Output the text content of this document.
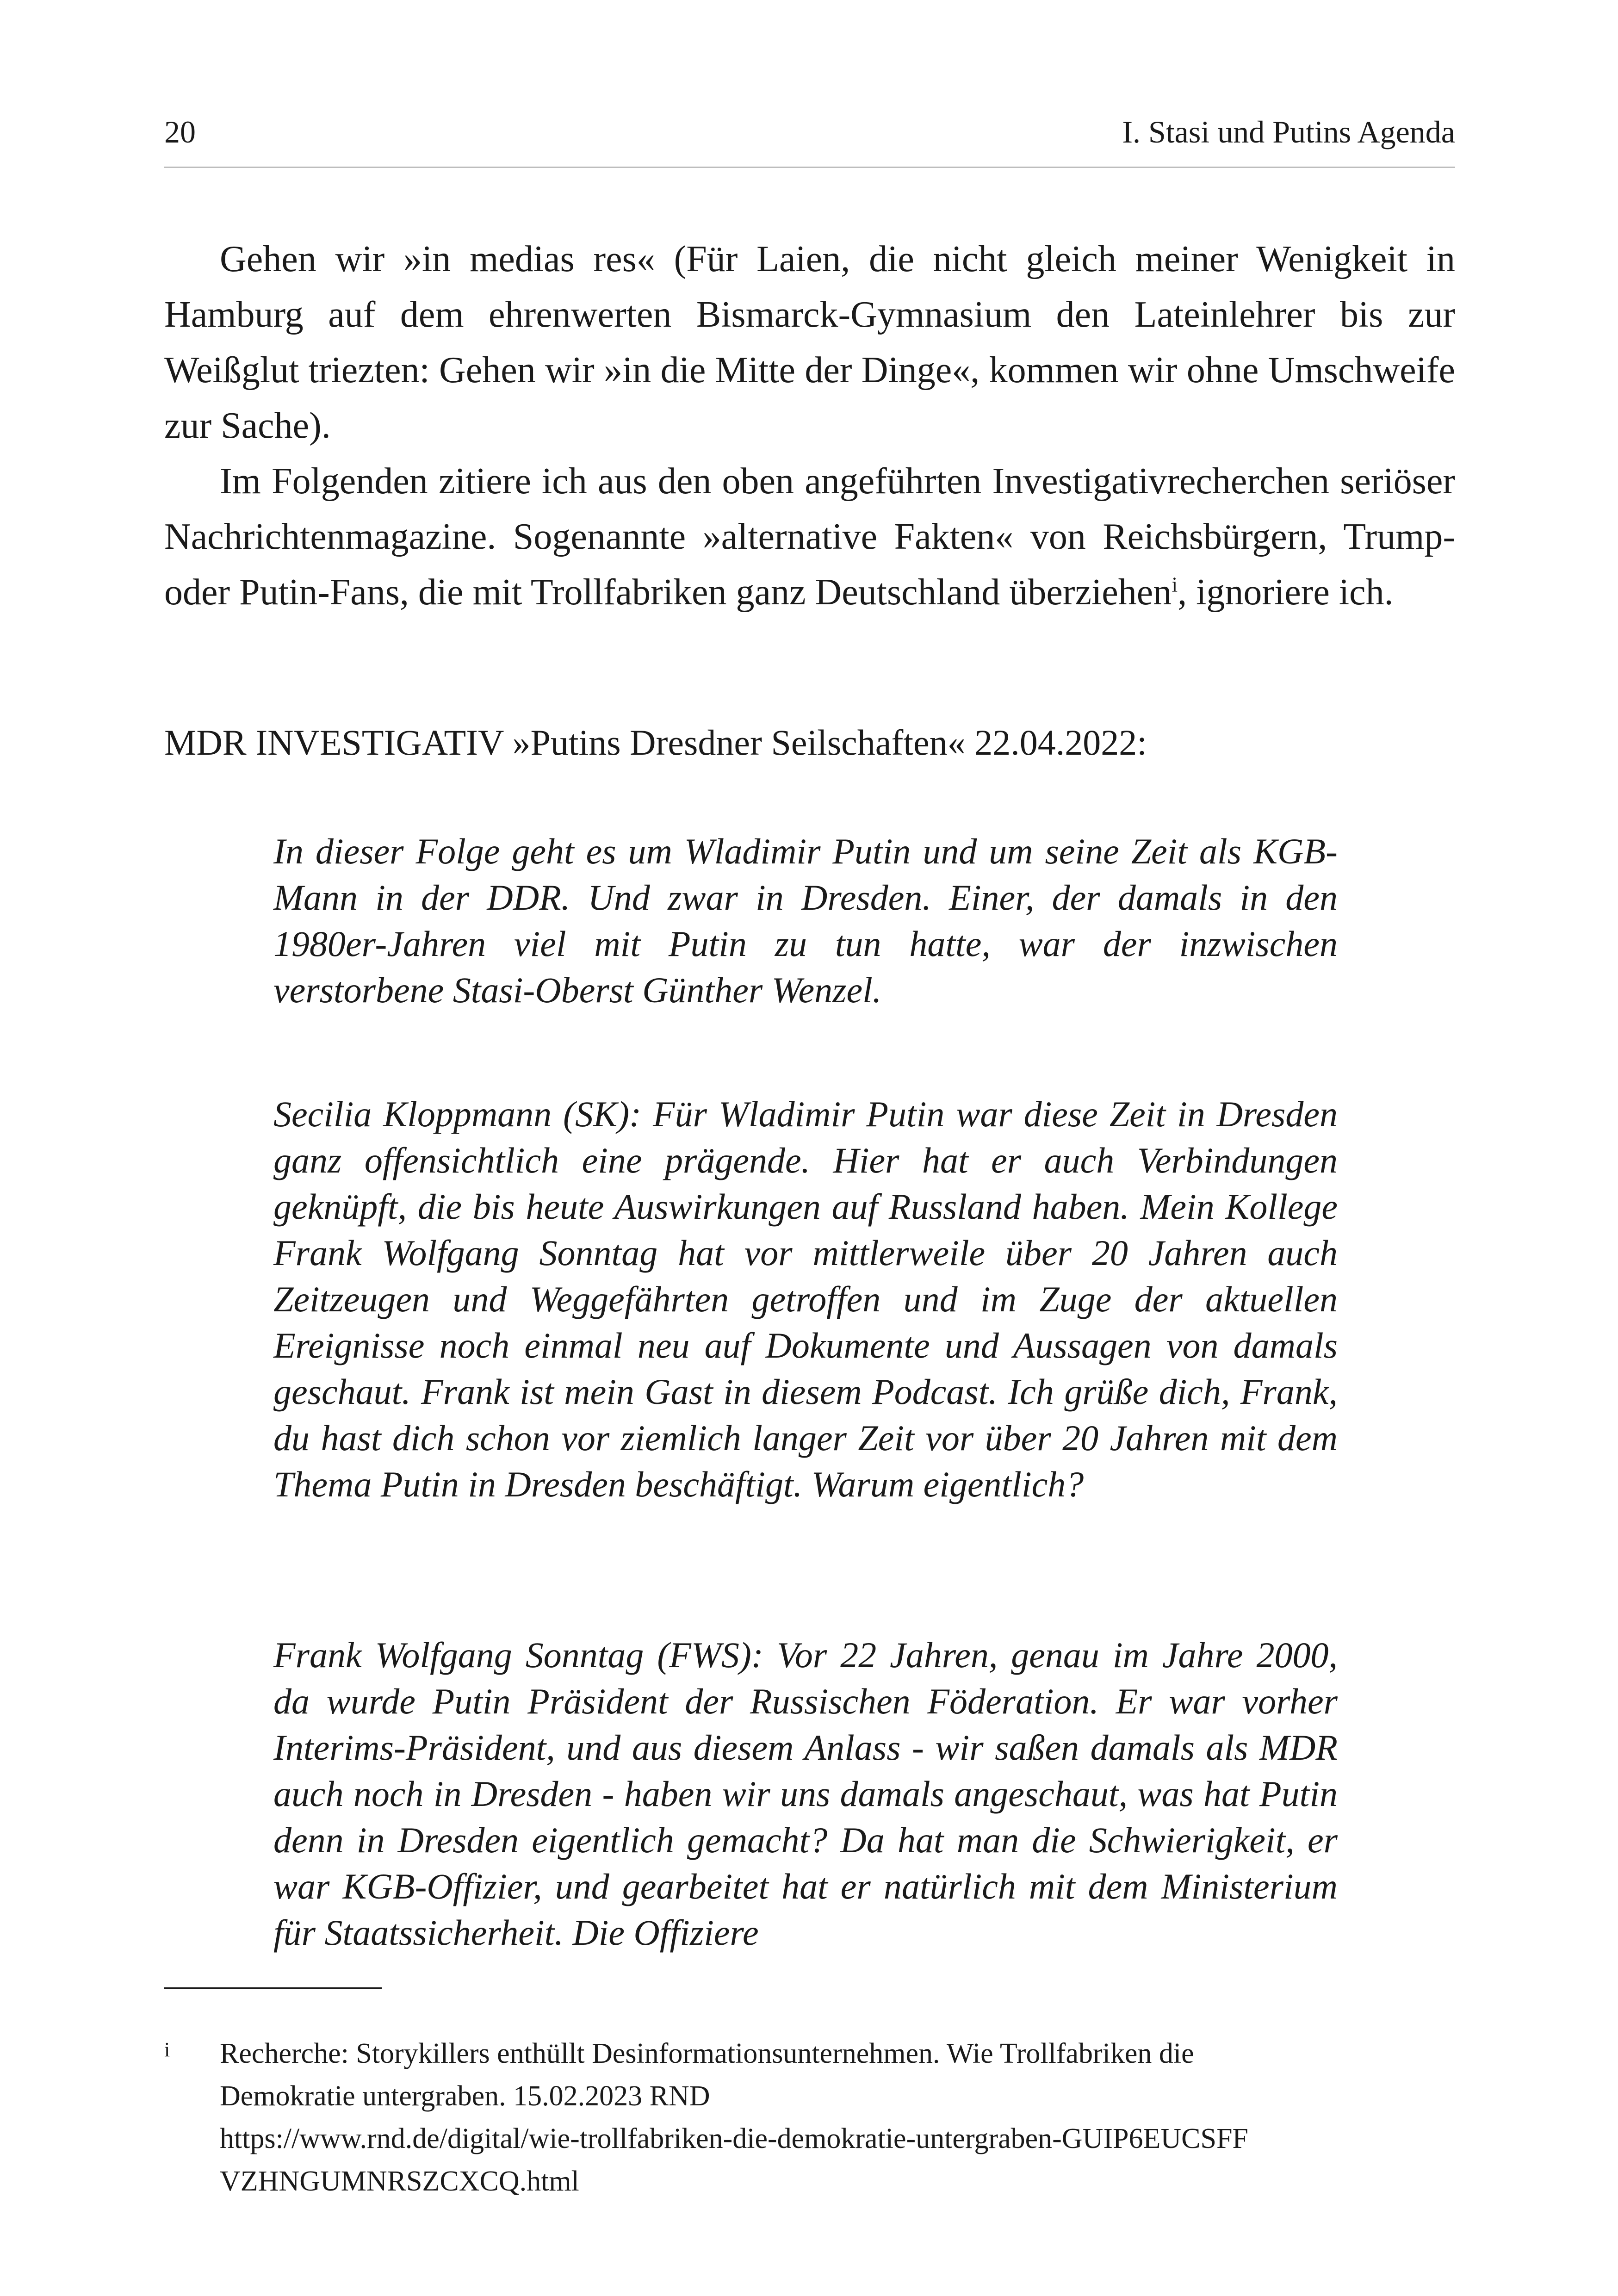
20	I. Stasi und Putins Agenda

Gehen wir »in medias res« (Für Laien, die nicht gleich meiner Wenigkeit in Hamburg auf dem ehrenwerten Bismarck-Gymnasium den Lateinlehrer bis zur Weißglut triezten: Gehen wir »in die Mitte der Dinge«, kommen wir ohne Umschweife zur Sache).

Im Folgenden zitiere ich aus den oben angeführten Investigativrecherchen seriöser Nachrichtenmagazine. Sogenannte »alternative Fakten« von Reichsbürgern, Trump- oder Putin-Fans, die mit Trollfabriken ganz Deutschland überziehen$^i$, ignoriere ich.

MDR INVESTIGATIV »Putins Dresdner Seilschaften« 22.04.2022:

In dieser Folge geht es um Wladimir Putin und um seine Zeit als KGB-Mann in der DDR. Und zwar in Dresden. Einer, der damals in den 1980er-Jahren viel mit Putin zu tun hatte, war der inzwischen verstorbene Stasi-Oberst Günther Wenzel.

Secilia Kloppmann (SK): Für Wladimir Putin war diese Zeit in Dresden ganz offensichtlich eine prägende. Hier hat er auch Verbindungen geknüpft, die bis heute Auswirkungen auf Russland haben. Mein Kollege Frank Wolfgang Sonntag hat vor mittlerweile über 20 Jahren auch Zeitzeugen und Weggefährten getroffen und im Zuge der aktuellen Ereignisse noch einmal neu auf Dokumente und Aussagen von damals geschaut. Frank ist mein Gast in diesem Podcast. Ich grüße dich, Frank, du hast dich schon vor ziemlich langer Zeit vor über 20 Jahren mit dem Thema Putin in Dresden beschäftigt. Warum eigentlich?

Frank Wolfgang Sonntag (FWS): Vor 22 Jahren, genau im Jahre 2000, da wurde Putin Präsident der Russischen Föderation. Er war vorher Interims-Präsident, und aus diesem Anlass - wir saßen damals als MDR auch noch in Dresden - haben wir uns damals angeschaut, was hat Putin denn in Dresden eigentlich gemacht? Da hat man die Schwierigkeit, er war KGB-Offizier, und gearbeitet hat er natürlich mit dem Ministerium für Staatssicherheit. Die Offiziere

i Recherche: Storykillers enthüllt Desinformationsunternehmen. Wie Trollfabriken die
Demokratie untergraben. 15.02.2023 RND
https://www.rnd.de/digital/wie-trollfabriken-die-demokratie-untergraben-GUIP6EUCSFF
VZHNGUMNRSZCXCQ.html
